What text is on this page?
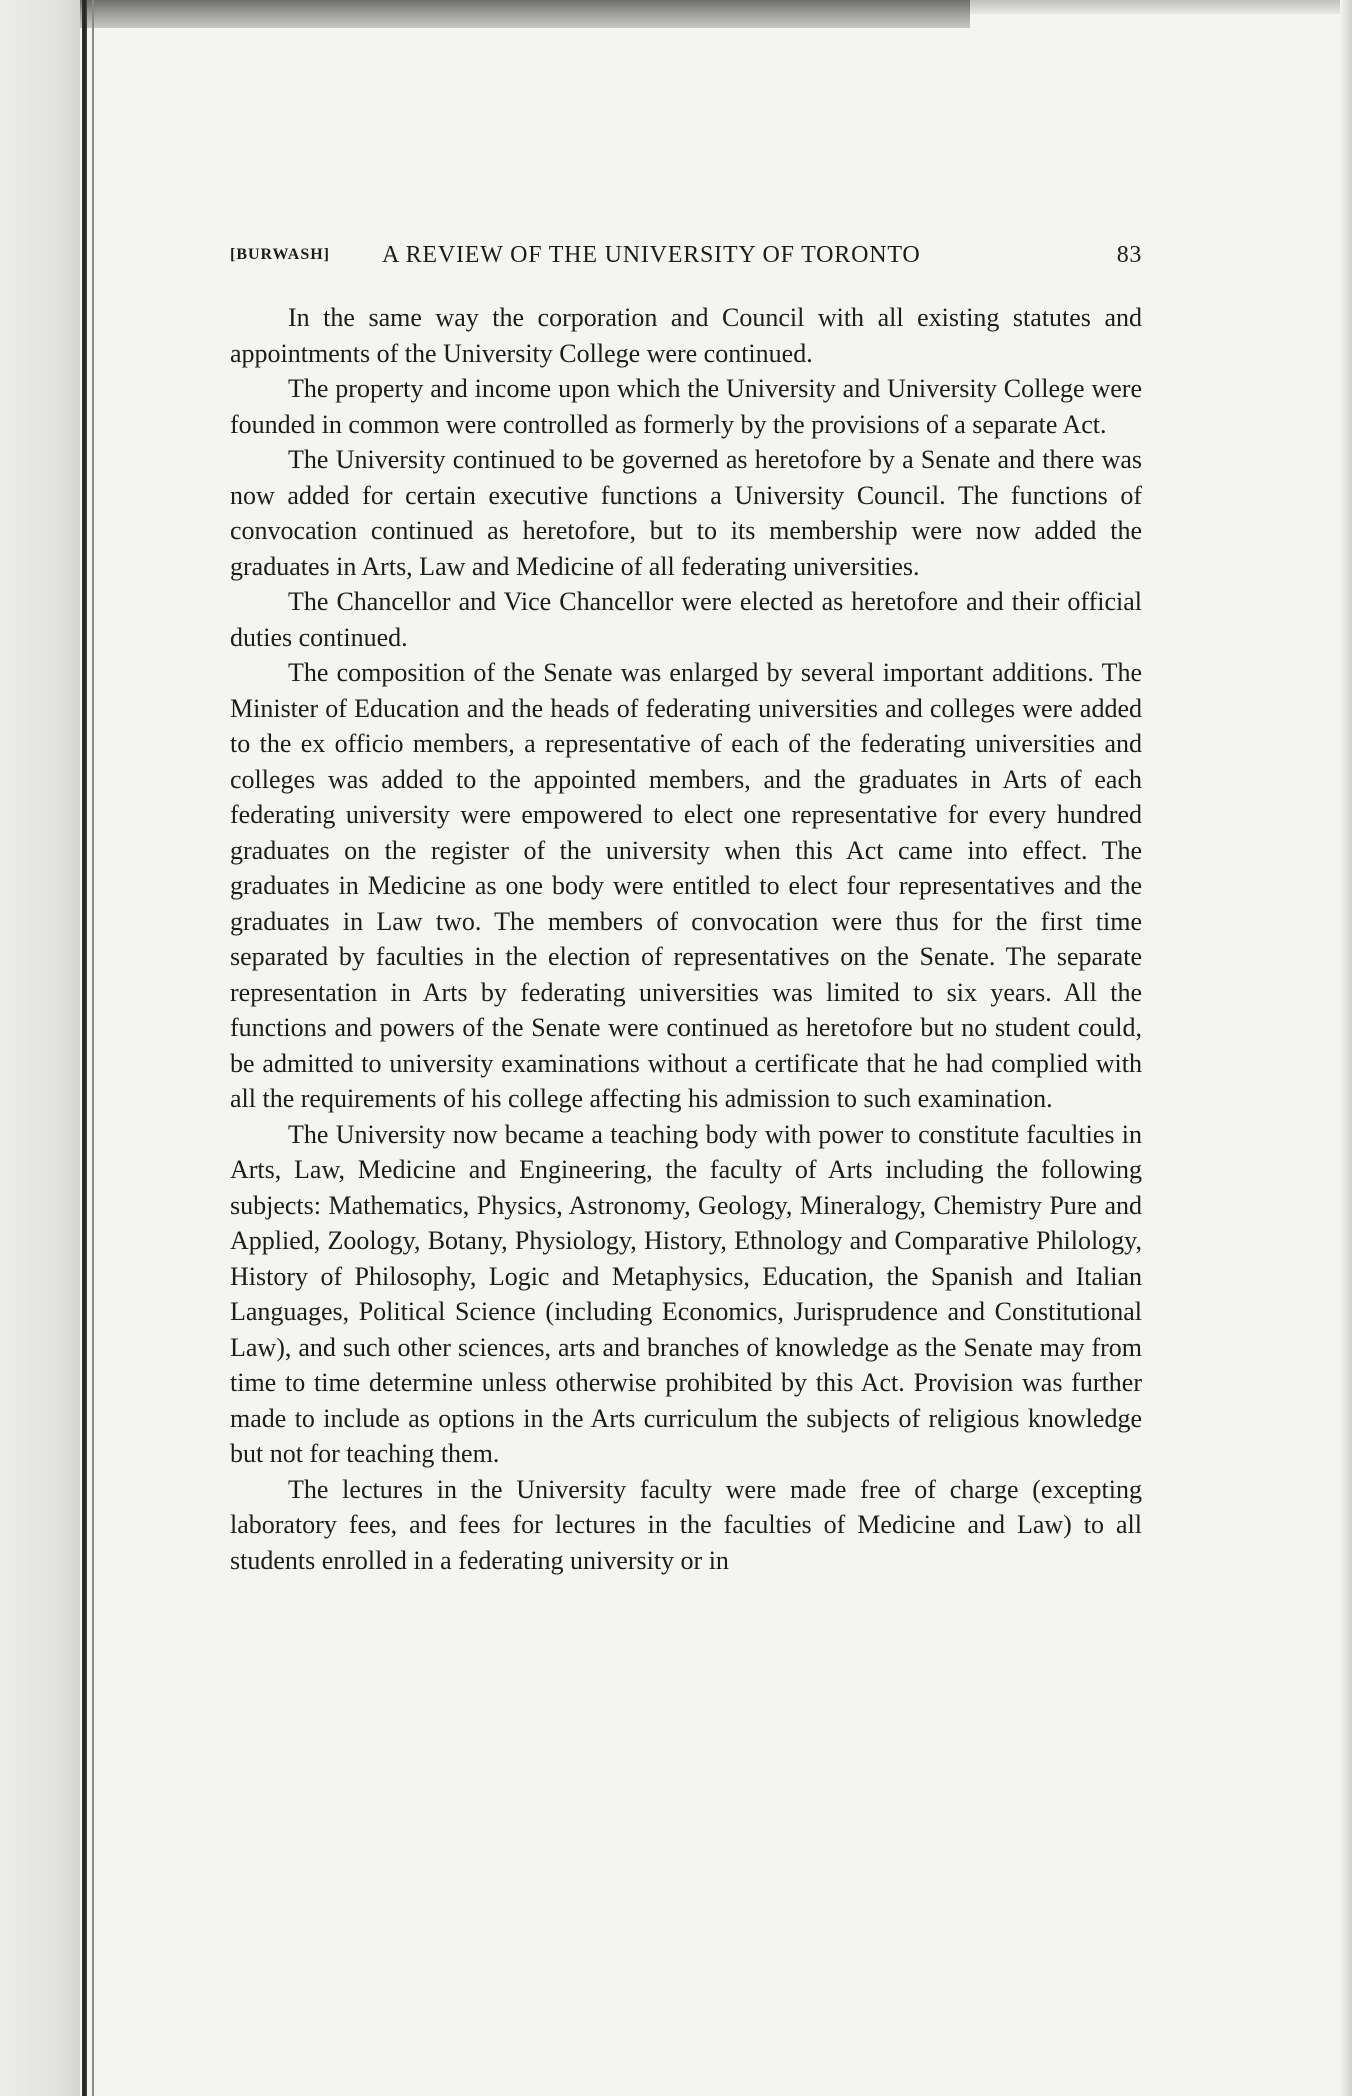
[BURWASH] A REVIEW OF THE UNIVERSITY OF TORONTO	83

In the same way the corporation and Council with all existing statutes and appointments of the University College were continued.

The property and income upon which the University and University College were founded in common were controlled as formerly by the provisions of a separate Act.

The University continued to be governed as heretofore by a Senate and there was now added for certain executive functions a University Council. The functions of convocation continued as heretofore, but to its membership were now added the graduates in Arts, Law and Medicine of all federating universities.

The Chancellor and Vice Chancellor were elected as heretofore and their official duties continued.

The composition of the Senate was enlarged by several important additions. The Minister of Education and the heads of federating universities and colleges were added to the ex officio members, a representative of each of the federating universities and colleges was added to the appointed members, and the graduates in Arts of each federating university were empowered to elect one representative for every hundred graduates on the register of the university when this Act came into effect. The graduates in Medicine as one body were entitled to elect four representatives and the graduates in Law two. The members of convocation were thus for the first time separated by faculties in the election of representatives on the Senate. The separate representation in Arts by federating universities was limited to six years. All the functions and powers of the Senate were continued as heretofore but no student could, be admitted to university examinations without a certificate that he had complied with all the requirements of his college affecting his admission to such examination.

The University now became a teaching body with power to constitute faculties in Arts, Law, Medicine and Engineering, the faculty of Arts including the following subjects: Mathematics, Physics, Astronomy, Geology, Mineralogy, Chemistry Pure and Applied, Zoology, Botany, Physiology, History, Ethnology and Comparative Philology, History of Philosophy, Logic and Metaphysics, Education, the Spanish and Italian Languages, Political Science (including Economics, Jurisprudence and Constitutional Law), and such other sciences, arts and branches of knowledge as the Senate may from time to time determine unless otherwise prohibited by this Act. Provision was further made to include as options in the Arts curriculum the subjects of religious knowledge but not for teaching them.

The lectures in the University faculty were made free of charge (excepting laboratory fees, and fees for lectures in the faculties of Medicine and Law) to all students enrolled in a federating university or in
